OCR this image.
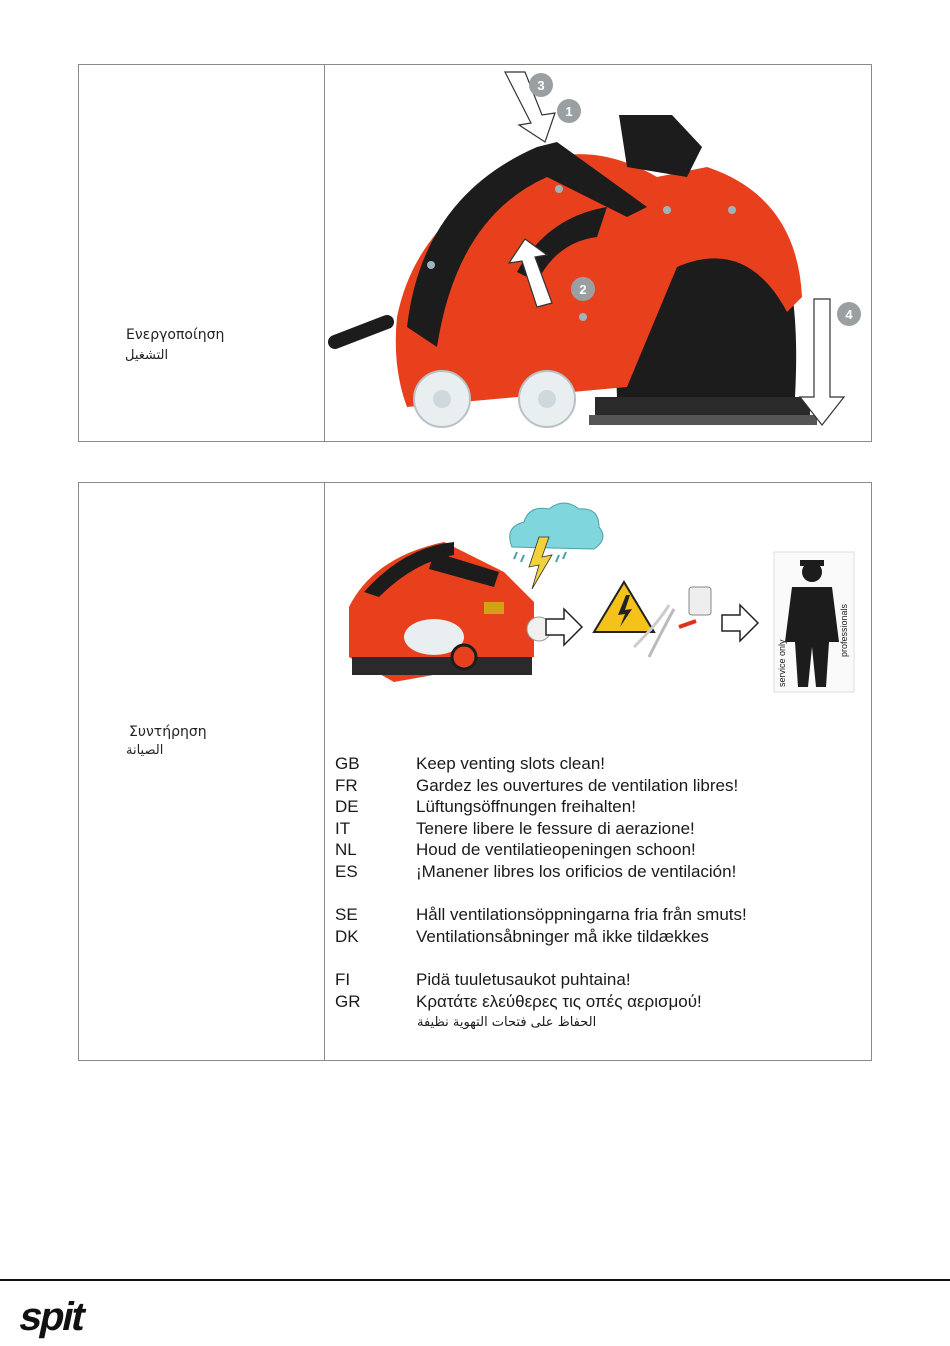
Ενεργοποίηση
التشغيل
3
1
2
4
Συντήρηση
الصيانة
service only
professionals
GB	Keep venting slots clean!
FR	Gardez les ouvertures de ventilation libres!
DE	Lüftungsöffnungen freihalten!
IT	Tenere libere le fessure di aerazione!
NL	Houd de ventilatieopeningen schoon!
ES	¡Manener libres los orificios de ventilación!
SE	Håll ventilationsöppningarna fria från smuts!
DK	Ventilationsåbninger må ikke tildækkes
FI	Pidä tuuletusaukot puhtaina!
GR	Κρατάτε ελεύθερες τις οπές αερισμού!
الحفاظ على فتحات التهوية نظيفة
spit
